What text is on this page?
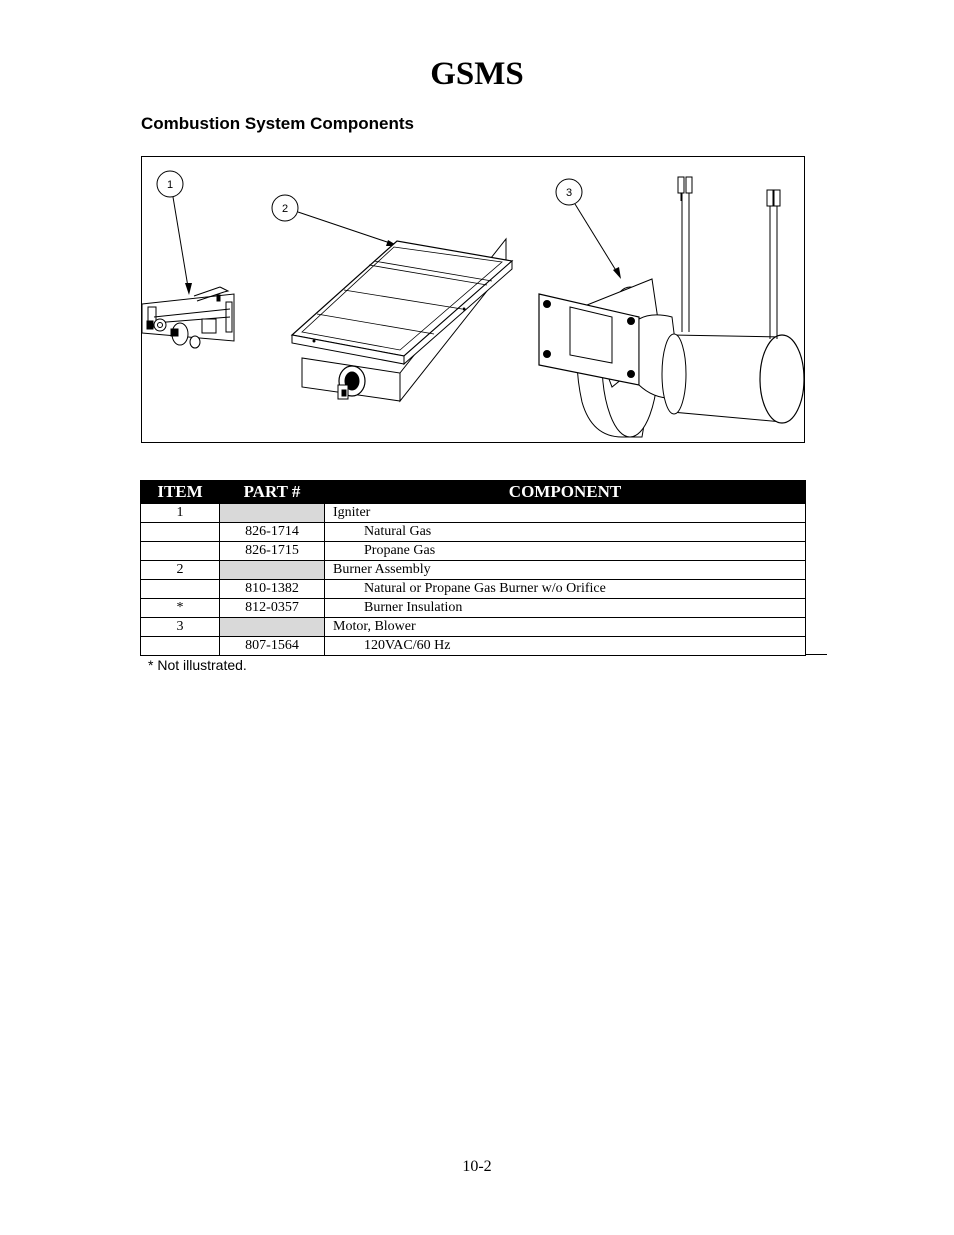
GSMS
Combustion System Components
1
2
3
ITEM	PART #	COMPONENT
1		Igniter
	826-1714	Natural Gas
	826-1715	Propane Gas
2		Burner Assembly
	810-1382	Natural or Propane Gas Burner w/o Orifice
*	812-0357	Burner Insulation
3		Motor, Blower
	807-1564	120VAC/60 Hz
* Not illustrated.
10-2
